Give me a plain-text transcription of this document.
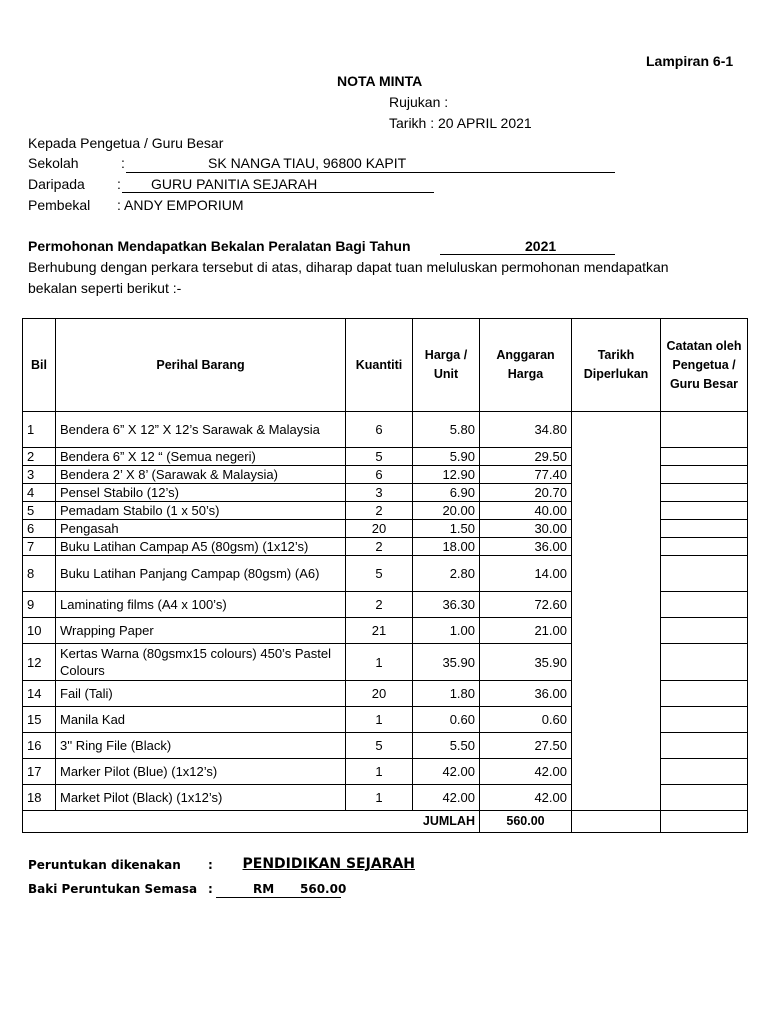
Lampiran 6-1
NOTA MINTA
Rujukan :
Tarikh : 20 APRIL 2021
Kepada Pengetua / Guru Besar
Sekolah	:	SK NANGA TIAU, 96800 KAPIT
Daripada : GURU PANITIA SEJARAH
Pembekal : ANDY EMPORIUM
Permohonan Mendapatkan Bekalan Peralatan Bagi Tahun	2021
Berhubung dengan perkara tersebut di atas, diharap dapat tuan meluluskan permohonan mendapatkan
bekalan seperti berikut :-
Bil	Perihal Barang	Kuantiti	Harga / Unit	Anggaran Harga	Tarikh Diperlukan	Catatan oleh Pengetua / Guru Besar
1	Bendera 6” X 12” X 12’s Sarawak & Malaysia	6	5.80	34.80		
2	Bendera 6” X 12 “ (Semua negeri)	5	5.90	29.50		
3	Bendera 2’ X 8’ (Sarawak & Malaysia)	6	12.90	77.40		
4	Pensel Stabilo (12’s)	3	6.90	20.70		
5	Pemadam Stabilo (1 x 50’s)	2	20.00	40.00		
6	Pengasah	20	1.50	30.00		
7	Buku Latihan Campap A5 (80gsm) (1x12’s)	2	18.00	36.00		
8	Buku Latihan Panjang Campap (80gsm) (A6)	5	2.80	14.00		
9	Laminating films (A4 x 100’s)	2	36.30	72.60		
10	Wrapping Paper	21	1.00	21.00		
12	Kertas Warna (80gsmx15 colours) 450’s Pastel Colours	1	35.90	35.90		
14	Fail (Tali)	20	1.80	36.00		
15	Manila Kad	1	0.60	0.60		
16	3'' Ring File (Black)	5	5.50	27.50		
17	Marker Pilot (Blue) (1x12’s)	1	42.00	42.00		
18	Market Pilot (Black) (1x12’s)	1	42.00	42.00		
JUMLAH				560.00		
Peruntukan dikenakan :	PENDIDIKAN SEJARAH
Baki Peruntukan Semasa :	RM 560.00
